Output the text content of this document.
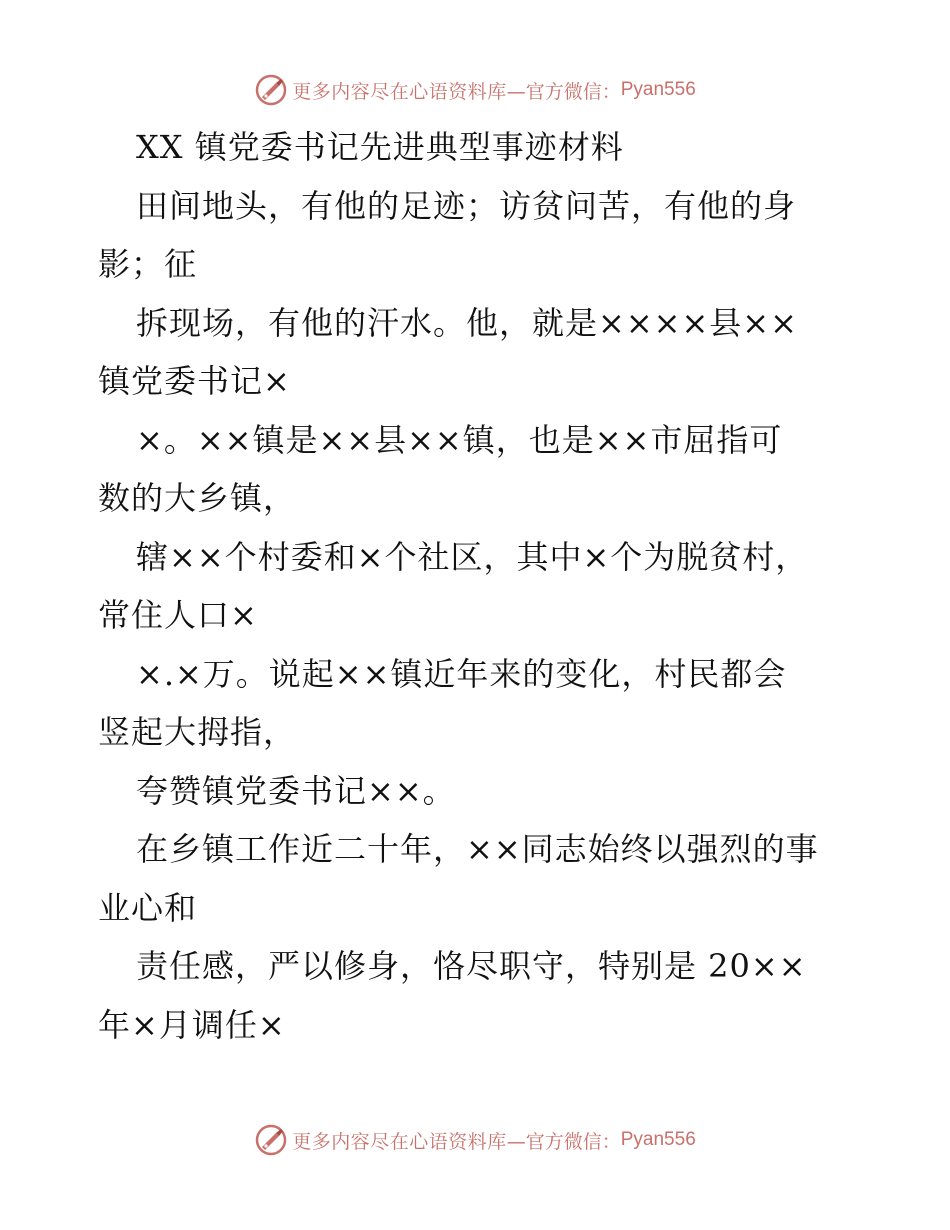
更多内容尽在心语资料库 —官方微信： Pyan556
XX 镇党委书记先进典型事迹材料
田间地头，有他的足迹；访贫问苦，有他的身
影；征
拆现场，有他的汗水。他，就是××××县××
镇党委书记×
×。××镇是××县××镇，也是××市屈指可
数的大乡镇，
辖××个村委和×个社区，其中×个为脱贫村，
常住人口×
×.×万。说起××镇近年来的变化，村民都会
竖起大拇指，
夸赞镇党委书记××。
在乡镇工作近二十年，××同志始终以强烈的事
业心和
责任感，严以修身，恪尽职守，特别是 20××
年×月调任×
更多内容尽在心语资料库 —官方微信： Pyan556
